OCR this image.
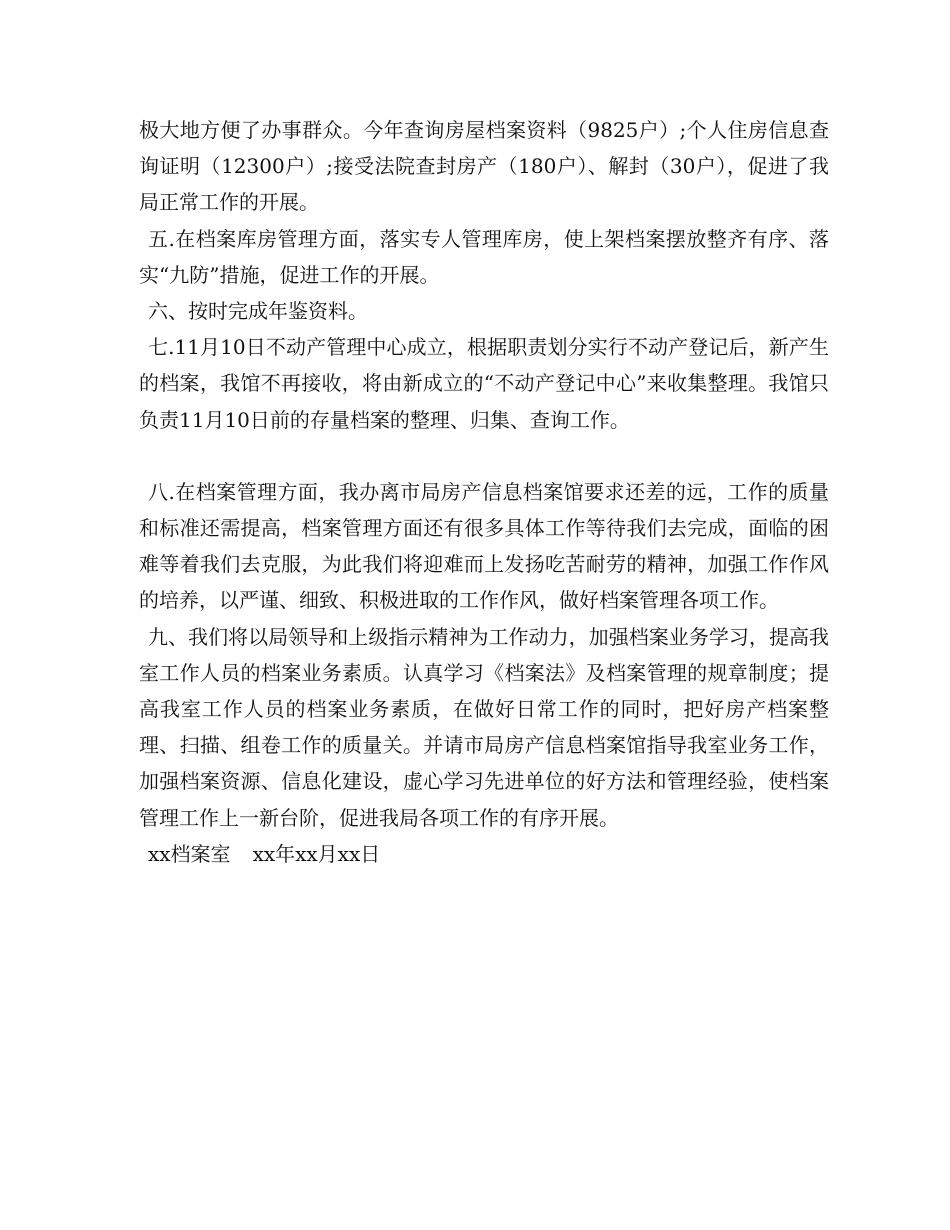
极大地方便了办事群众。今年查询房屋档案资料（9825户）;个人住房信息查询证明（12300户）;接受法院查封房产（180户）、解封（30户），促进了我局正常工作的开展。

五.在档案库房管理方面，落实专人管理库房，使上架档案摆放整齐有序、落实“九防”措施，促进工作的开展。

六、按时完成年鉴资料。

七.11月10日不动产管理中心成立，根据职责划分实行不动产登记后，新产生的档案，我馆不再接收，将由新成立的“不动产登记中心”来收集整理。我馆只负责11月10日前的存量档案的整理、归集、查询工作。

八.在档案管理方面，我办离市局房产信息档案馆要求还差的远，工作的质量和标准还需提高，档案管理方面还有很多具体工作等待我们去完成，面临的困难等着我们去克服，为此我们将迎难而上发扬吃苦耐劳的精神，加强工作作风的培养，以严谨、细致、积极进取的工作作风，做好档案管理各项工作。

九、我们将以局领导和上级指示精神为工作动力，加强档案业务学习，提高我室工作人员的档案业务素质。认真学习《档案法》及档案管理的规章制度；提高我室工作人员的档案业务素质，在做好日常工作的同时，把好房产档案整理、扫描、组卷工作的质量关。并请市局房产信息档案馆指导我室业务工作，加强档案资源、信息化建设，虚心学习先进单位的好方法和管理经验，使档案管理工作上一新台阶，促进我局各项工作的有序开展。

xx档案室 xx年xx月xx日
